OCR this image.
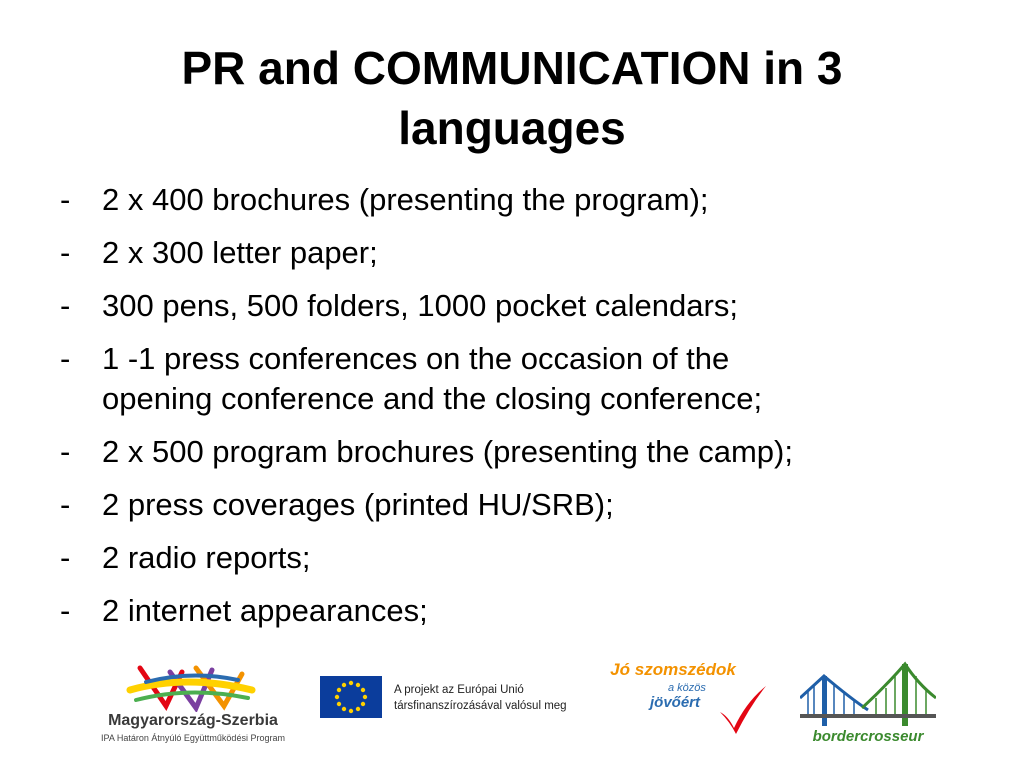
PR and COMMUNICATION in 3
languages
-	2 x 400 brochures (presenting the program);
-	2 x 300 letter paper;
-	300 pens, 500 folders, 1000 pocket calendars;
-	1 -1 press conferences on the occasion of the
opening conference and the closing conference;
-	2 x 500 program brochures (presenting the camp);
-	2 press coverages (printed HU/SRB);
-	2 radio reports;
-	2 internet appearances;
Magyarország-Szerbia
IPA Határon Átnyúló Együttműködési Program
A projekt az Európai Unió
társfinanszírozásával valósul meg
Jó szomszédok
a közös
jövőért
bordercrosseur
